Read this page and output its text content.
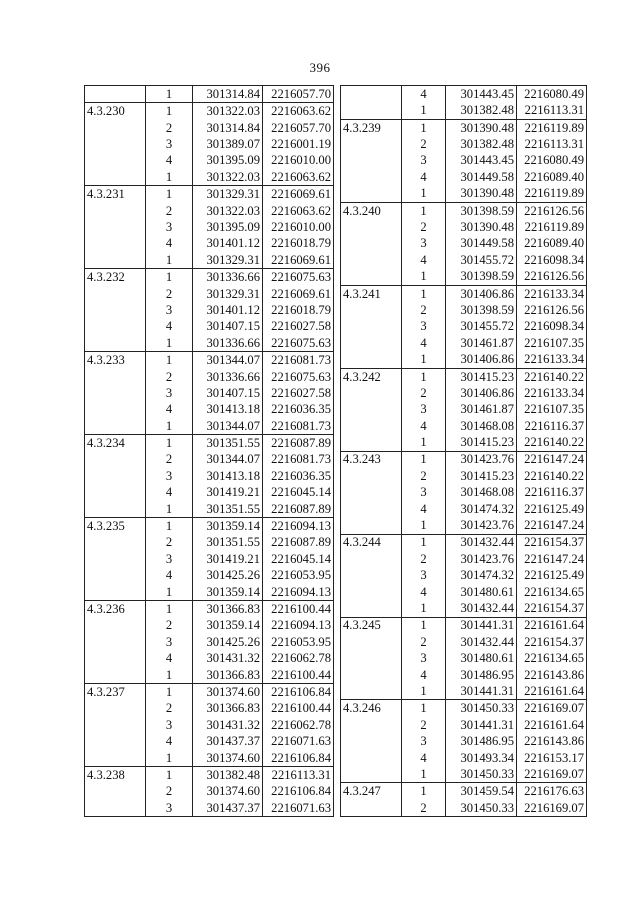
396
	1	301314.84	2216057.70
4.3.230	1	301322.03	2216063.62
	2	301314.84	2216057.70
	3	301389.07	2216001.19
	4	301395.09	2216010.00
	1	301322.03	2216063.62
4.3.231	1	301329.31	2216069.61
	2	301322.03	2216063.62
	3	301395.09	2216010.00
	4	301401.12	2216018.79
	1	301329.31	2216069.61
4.3.232	1	301336.66	2216075.63
	2	301329.31	2216069.61
	3	301401.12	2216018.79
	4	301407.15	2216027.58
	1	301336.66	2216075.63
4.3.233	1	301344.07	2216081.73
	2	301336.66	2216075.63
	3	301407.15	2216027.58
	4	301413.18	2216036.35
	1	301344.07	2216081.73
4.3.234	1	301351.55	2216087.89
	2	301344.07	2216081.73
	3	301413.18	2216036.35
	4	301419.21	2216045.14
	1	301351.55	2216087.89
4.3.235	1	301359.14	2216094.13
	2	301351.55	2216087.89
	3	301419.21	2216045.14
	4	301425.26	2216053.95
	1	301359.14	2216094.13
4.3.236	1	301366.83	2216100.44
	2	301359.14	2216094.13
	3	301425.26	2216053.95
	4	301431.32	2216062.78
	1	301366.83	2216100.44
4.3.237	1	301374.60	2216106.84
	2	301366.83	2216100.44
	3	301431.32	2216062.78
	4	301437.37	2216071.63
	1	301374.60	2216106.84
4.3.238	1	301382.48	2216113.31
	2	301374.60	2216106.84
	3	301437.37	2216071.63
	4	301443.45	2216080.49
	1	301382.48	2216113.31
4.3.239	1	301390.48	2216119.89
	2	301382.48	2216113.31
	3	301443.45	2216080.49
	4	301449.58	2216089.40
	1	301390.48	2216119.89
4.3.240	1	301398.59	2216126.56
	2	301390.48	2216119.89
	3	301449.58	2216089.40
	4	301455.72	2216098.34
	1	301398.59	2216126.56
4.3.241	1	301406.86	2216133.34
	2	301398.59	2216126.56
	3	301455.72	2216098.34
	4	301461.87	2216107.35
	1	301406.86	2216133.34
4.3.242	1	301415.23	2216140.22
	2	301406.86	2216133.34
	3	301461.87	2216107.35
	4	301468.08	2216116.37
	1	301415.23	2216140.22
4.3.243	1	301423.76	2216147.24
	2	301415.23	2216140.22
	3	301468.08	2216116.37
	4	301474.32	2216125.49
	1	301423.76	2216147.24
4.3.244	1	301432.44	2216154.37
	2	301423.76	2216147.24
	3	301474.32	2216125.49
	4	301480.61	2216134.65
	1	301432.44	2216154.37
4.3.245	1	301441.31	2216161.64
	2	301432.44	2216154.37
	3	301480.61	2216134.65
	4	301486.95	2216143.86
	1	301441.31	2216161.64
4.3.246	1	301450.33	2216169.07
	2	301441.31	2216161.64
	3	301486.95	2216143.86
	4	301493.34	2216153.17
	1	301450.33	2216169.07
4.3.247	1	301459.54	2216176.63
	2	301450.33	2216169.07
